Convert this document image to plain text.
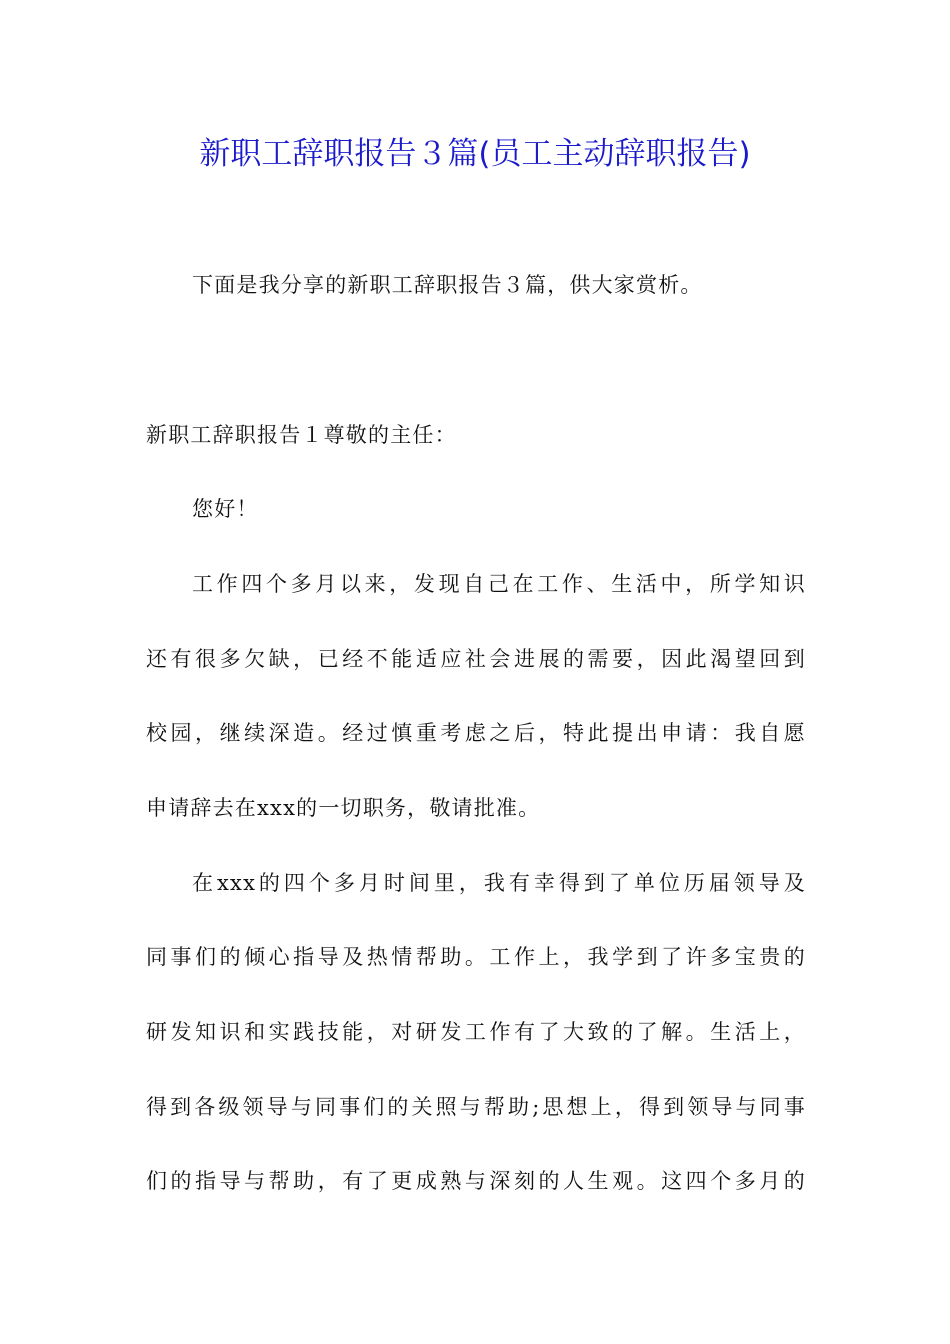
新职工辞职报告３篇(员工主动辞职报告)
下面是我分享的新职工辞职报告３篇，供大家赏析。
新职工辞职报告１尊敬的主任：
您好！
工作四个多月以来，发现自己在工作、生活中，所学知识
还有很多欠缺，已经不能适应社会进展的需要，因此渴望回到
校园，继续深造。经过慎重考虑之后，特此提出申请：我自愿
申请辞去在xxx的一切职务，敬请批准。
在xxx的四个多月时间里，我有幸得到了单位历届领导及
同事们的倾心指导及热情帮助。工作上，我学到了许多宝贵的
研发知识和实践技能，对研发工作有了大致的了解。生活上，
得到各级领导与同事们的关照与帮助;思想上，得到领导与同事
们的指导与帮助，有了更成熟与深刻的人生观。这四个多月的
